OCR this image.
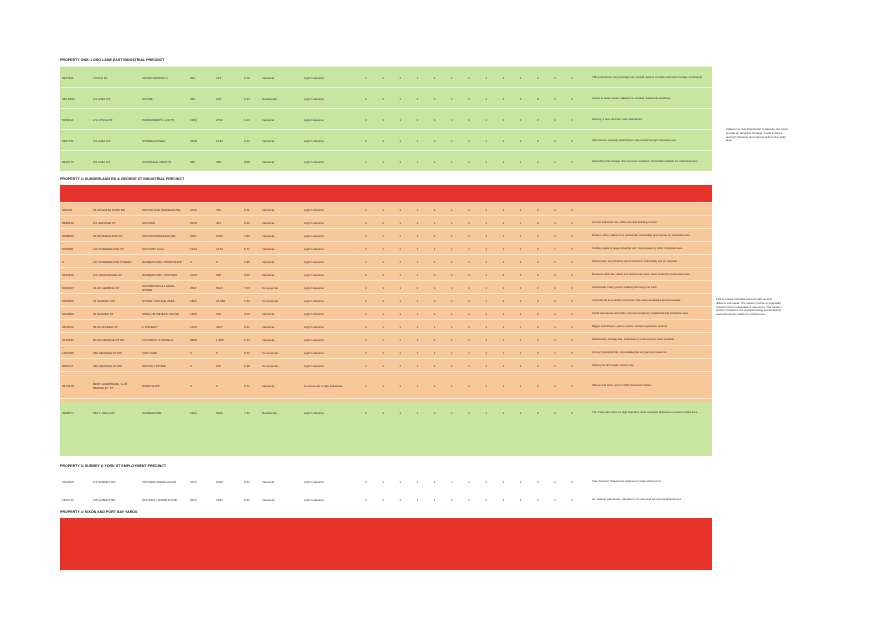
PROPERTY ONE: LONG LANE EAST INDUSTRIAL PRECINCT
6227921	LYNCH ST	CHURCHWOOD S	491	723	3.76	Industrial	Light Industrial	4	1	1	1	1	1	1	1	1	1	2	1	3	TBC preference, long frontage site. Would need to consider with site frontage constraints.
562-5456	1/2 AXEL ST	HOUSE	350	120	0.34	Residential	Light Industrial	4	1	1	1	1	1	1	1	1	1	2	1	3	House in better repair, adjacent to existing residential dwellings.
5236411	1/3 LYNCH ST	PARCHMENTS, LOFTS	1360	2733	0.41	Industrial	Light Industrial	4	1	1	1	1	1	1	1	1	1	2	1	3	Factory, 2 tiers and site; well maintained.
6207731	3/2 AXEL ST	STOREHOUSES	3458	1433	0.41	Industrial	Light Industrial	4	1	1	1	1	1	1	1	1	1	2	1	3	Well fenced, recently refurbished; may remain as light industrial use.
6223773	3/3 AXEL ST	AVONDALE CRAFTS	490	335	0.68	Industrial	Light Industrial	4	1	1	1	1	1	1	1	1	1	2	1	3	Workshop and storage unit of poorer condition. Potentially suitable for redevelopment.
Adjacent to new Residential. A gateway site could provide an attractive frontage. Could enhance precinct character and improve links to the wider area.
PROPERTY 2: SUNDERLAND RD & GEORGE ST INDUSTRIAL PRECINCT
966418	15-19 WHITE PARK RD	OFFICE AND WAREHOUSE	2130	410	0.11	Industrial	Light Industrial	4	1	1	1	1	1	1	1	1	1	2	1	3
5999516	1/2 GEORGE ST	OFFICES	5349	401	0.26	Industrial	Light Industrial	4	2	1	1	1	1	1	1	1	1	2	1	3	Former industrial site, office use and building remain.
6948669	99 SUNDERLAND ST	OFFICES/WAREHOUSE	3637	1089	7.63	Industrial	Light Industrial	4	1	1	1	1	1	1	1	1	1	2	1	3	Modern office; adjacent to residential. Potentially appropriate for intensified use.
6296981	110 SUNDERLAND ST	FACTORY HALL	1944	1273	6.71	Industrial	Light Industrial	4	1	1	1	1	1	1	1	1	1	2	1	3	Pebble masonry large industrial unit. Surrounded by other industrial uses.
0	117 SUNDERLAND STREET	WAREHOUSE / WORKSHOP	0	0	1.95	Industrial	Light Industrial	4	1	1	1	1	1	1	1	1	1	2	1	3	Warehouse, use showing low investment. Potentially site for renewal.
6443305	1/3 ANCHORAGE AV	WAREHOUSE / OFFICES	2420	538	0.52	Industrial	Light Industrial	4	1	1	1	1	1	1	1	1	1	2	1	3	Business park site, office and warehouse uses. Surrounded by residential uses.
6443407	33-49 GEORGE ST	SHOWROOM & LARGE STORE	2567	6623	7.63	Commercial	Light Industrial	4	1	1	1	1	1	1	1	1	1	2	1	3	Substantial, bulky goods retailing with large car park.
6426965	41 SURREY RD	STORE / OFFICE USES	1803	15,350	1.51	Commercial	Light Industrial	4	1	1	1	1	1	1	1	1	1	2	1	3	Currently let to a variety of tenants. Site well maintained and accessible.
3223863	89 ALFRED ST	SMALL BUSINESS HOUSE	1303	210	0.63	Industrial	Light Industrial	4	1	1	1	1	1	1	1	1	1	2	1	3	Small warehouse and office unit surrounded by residential and industrial uses.
5423012	89-91 ALFRED ST	F JOINERY	1433	4327	0.41	Industrial	Light Industrial	4	1	1	1	1	1	1	1	1	1	2	1	3	Bigger workshops - joinery works. Limited expansion options.
6216453	60-66 GEORGE ST RD	FLOORING & PANELS	4880	1,405	1.24	Industrial	Light Industrial	4	1	1	1	1	1	1	1	1	1	2	1	3	Warehouse, storage site. Individual or multi-tenancy uses possible.
1467389	256 GEORGE ST RD	CAR YARD	0	0	0.72	Commercial	Light Industrial	4	1	1	1	1	1	1	1	1	1	2	1	3	Former industrial site, consolidated as car yard and sales lot.
5062117	256 GEORGE ST RD	OFFICE / STORE	0	210	0.39	Commercial	Light Industrial	4	1	1	1	1	1	1	1	1	1	2	1	3	Parking lot and repair, vacant use.
6374418	BEST HARDWARE, G-30 BERKELEY ST	WORKSHOP	0	0	0.71	Industrial	Commercial / Light Industrial	4	1	1	1	1	1	1	1	1	1	2	1	3	Offices and store, part of 2000 Tomlinson Road.
6968673	250 1 JOHN RD	WAREHOUSE	1924	5623	7.91	Residential	Light Industrial	4	1	1	1	1	1	1	1	1	1	2	1	3	The Trans site built to a high standard. Sole occupant business in medium sized area.
This is a large industrial precinct with several different sub-areas. The eastern portion is potentially suited to future residential or mixed use. The western portion contains a mix of warehousing and workshop uses that remain viable for employment.
PROPERTY 3: SURREY & YORK ST EMPLOYMENT PRECINCT
2403165	1/3 SURREY RD	OFFICES/ WAREHOUSE	6274	2436	0.41	Industrial	Light Industrial	4	1	1	1	1	1	1	1	1	1	2	1	3	Sole 'Fleeting' Warehouse adjacent to large showrooms.
1463716	105 ALBERT RD	OFFICES / WAREHOUSE	4874	2184	0.31	Industrial	Light Industrial	4	1	1	1	1	1	1	1	1	1	2	1	3	Ex, starting warehouse. Situation in its area and its local neighbourhood.
PROPERTY 4: NIXON AND PORT BAY YARDS
